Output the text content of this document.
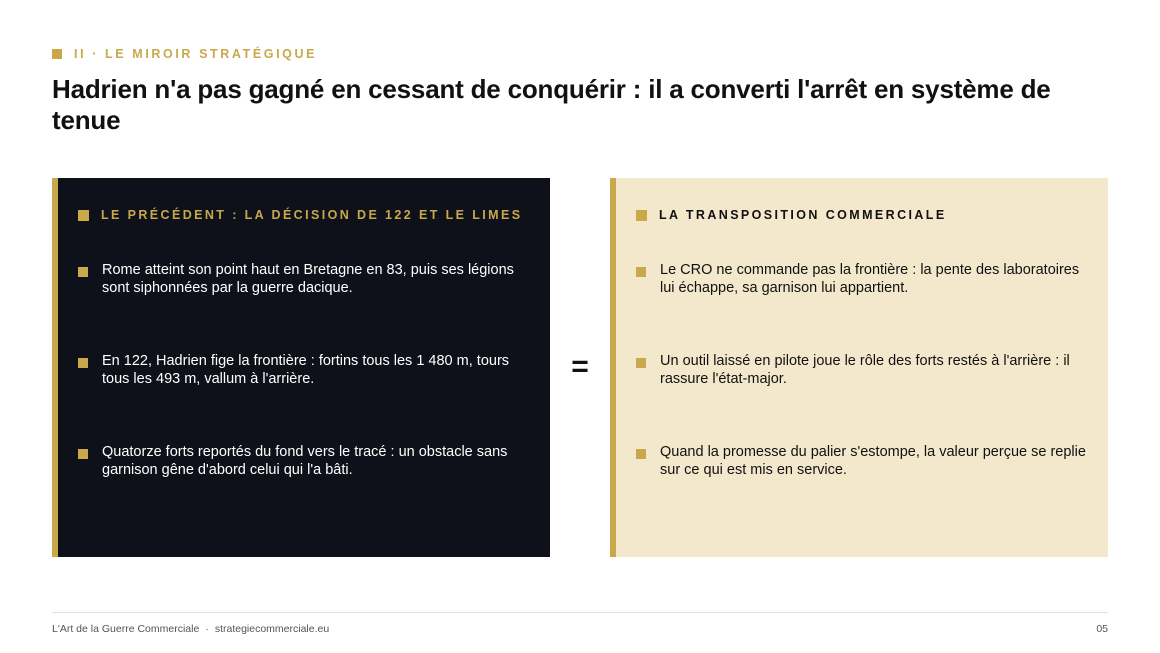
II · LE MIROIR STRATÉGIQUE
Hadrien n'a pas gagné en cessant de conquérir : il a converti l'arrêt en système de tenue
LE PRÉCÉDENT : LA DÉCISION DE 122 ET LE LIMES
Rome atteint son point haut en Bretagne en 83, puis ses légions sont siphonnées par la guerre dacique.
En 122, Hadrien fige la frontière : fortins tous les 1 480 m, tours tous les 493 m, vallum à l'arrière.
Quatorze forts reportés du fond vers le tracé : un obstacle sans garnison gêne d'abord celui qui l'a bâti.
=
LA TRANSPOSITION COMMERCIALE
Le CRO ne commande pas la frontière : la pente des laboratoires lui échappe, sa garnison lui appartient.
Un outil laissé en pilote joue le rôle des forts restés à l'arrière : il rassure l'état-major.
Quand la promesse du palier s'estompe, la valeur perçue se replie sur ce qui est mis en service.
L'Art de la Guerre Commerciale · strategiecommerciale.eu	05
